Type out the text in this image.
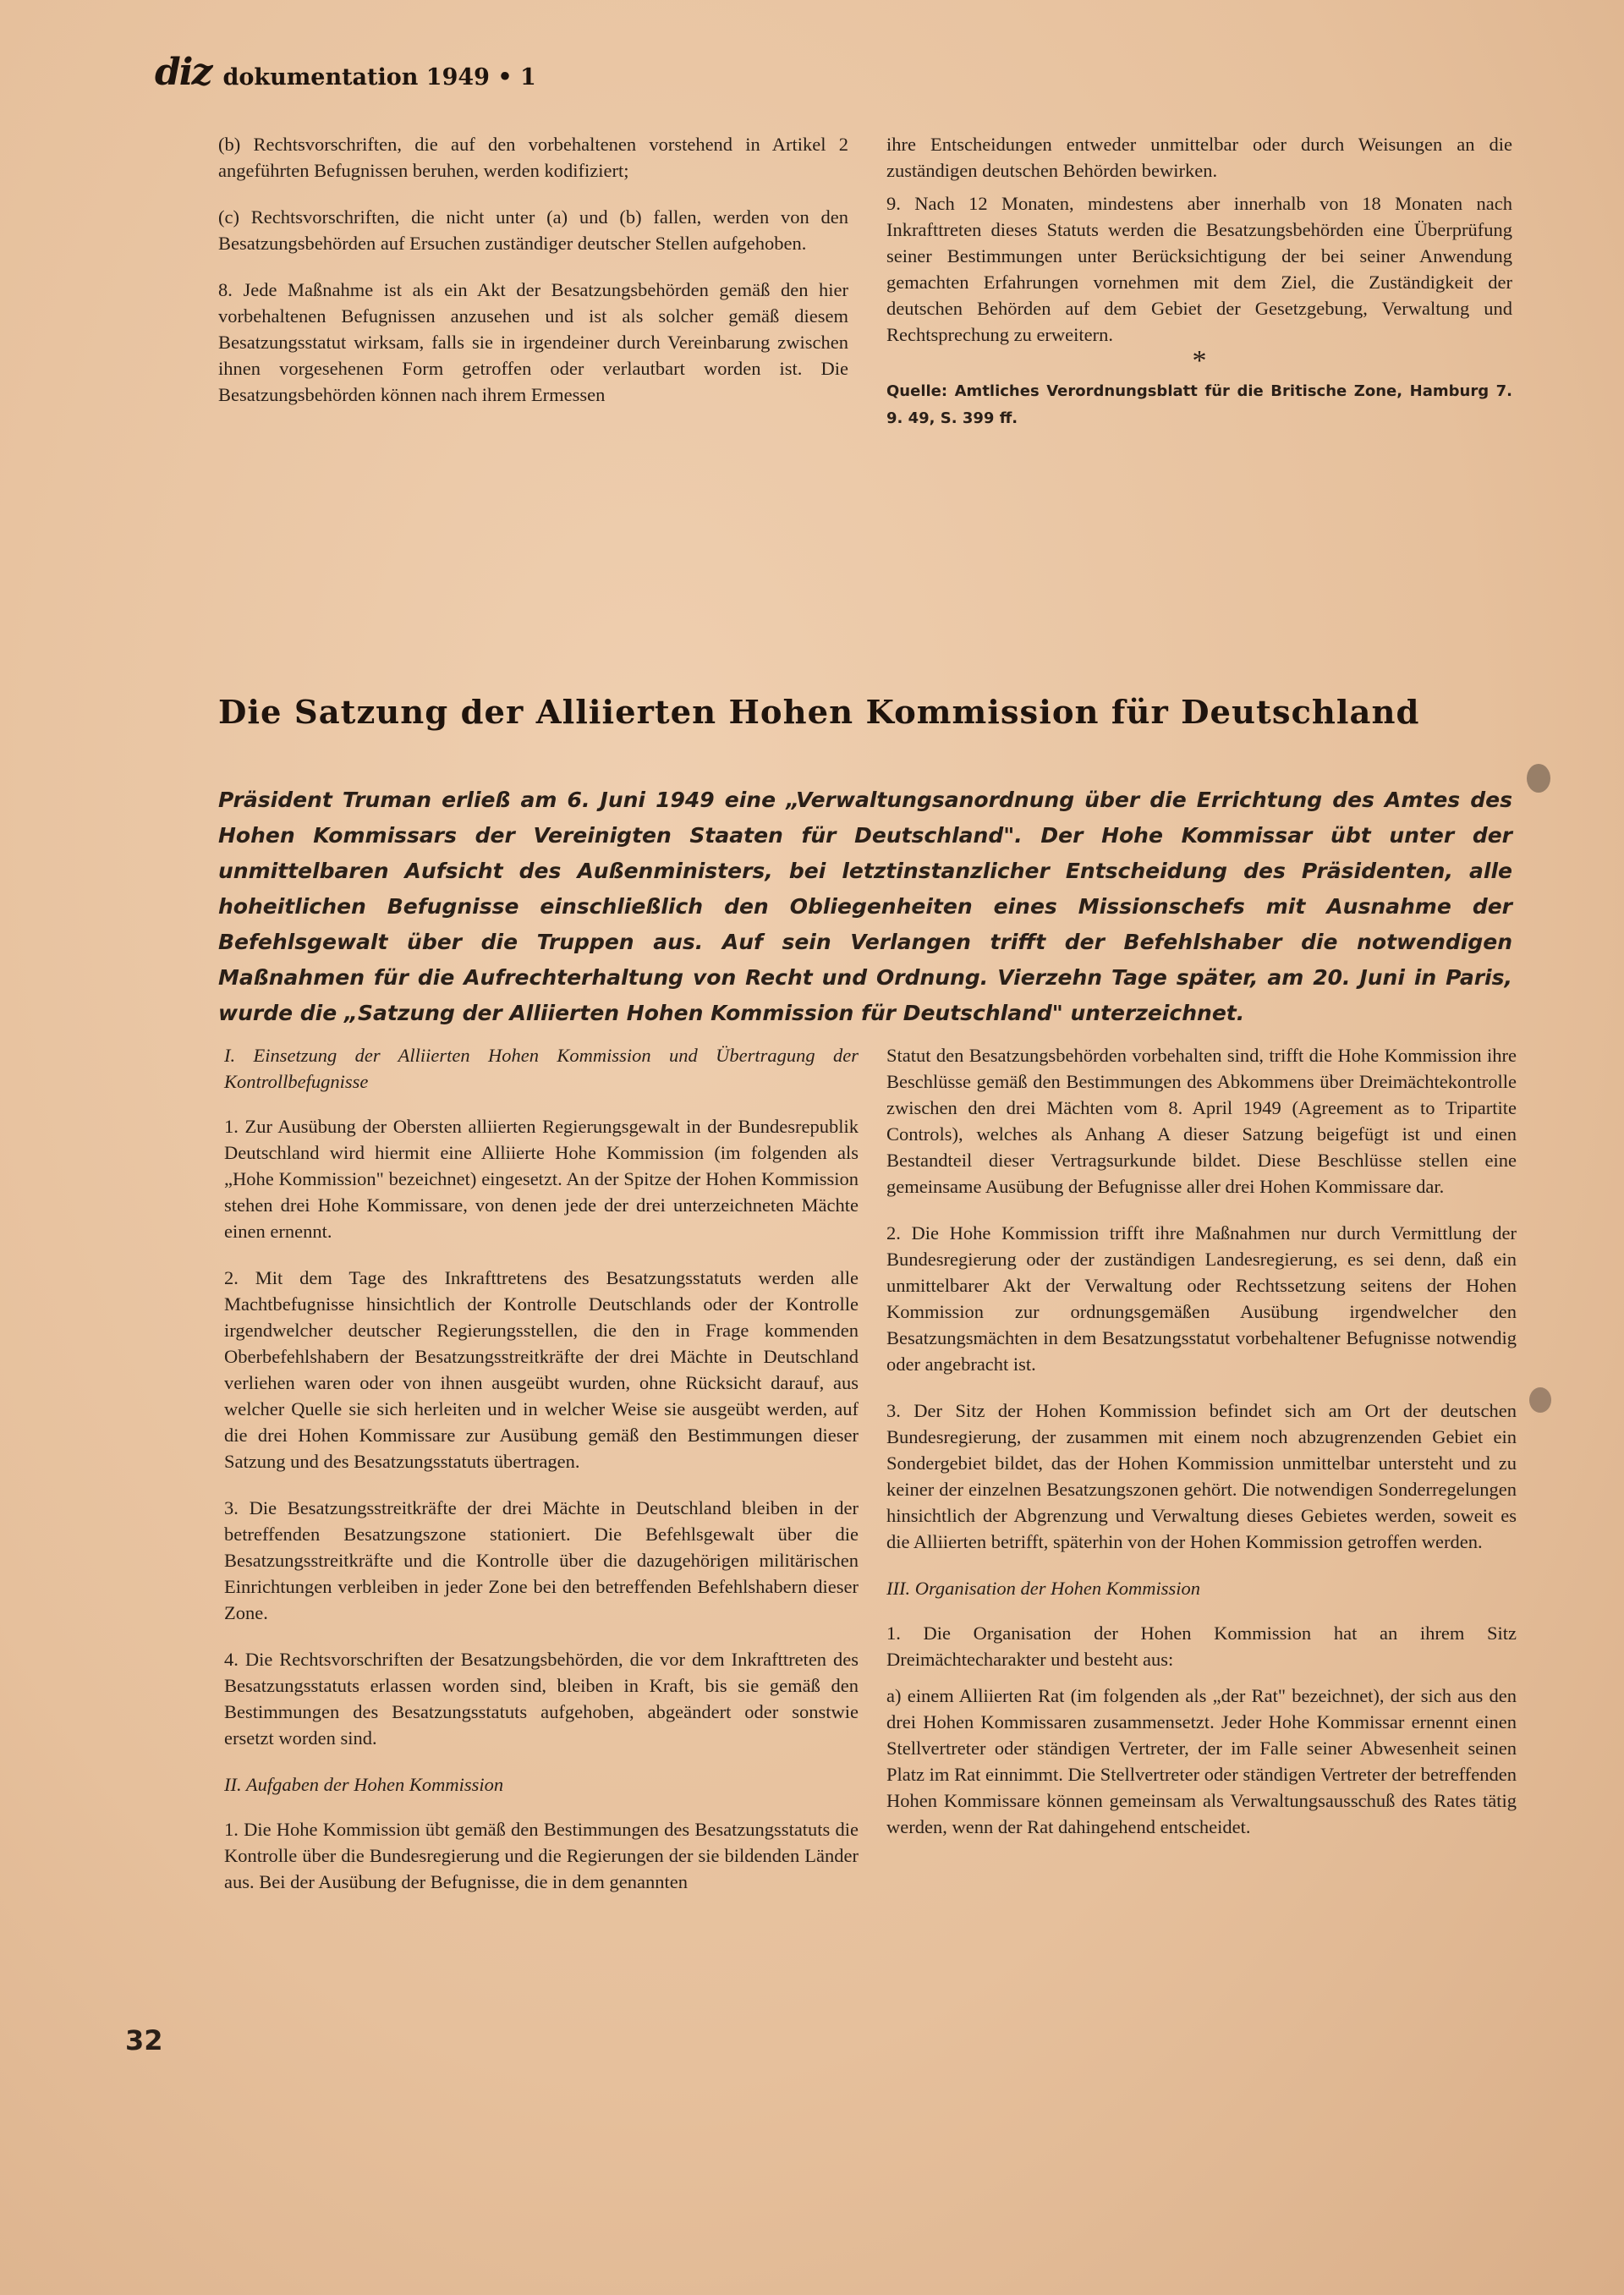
diz dokumentation 1949 • 1

(b) Rechtsvorschriften, die auf den vorbehaltenen vorstehend in Artikel 2 angeführten Befugnissen beruhen, werden kodifiziert;

(c) Rechtsvorschriften, die nicht unter (a) und (b) fallen, werden von den Besatzungsbehörden auf Ersuchen zuständiger deutscher Stellen aufgehoben.

8. Jede Maßnahme ist als ein Akt der Besatzungsbehörden gemäß den hier vorbehaltenen Befugnissen anzusehen und ist als solcher gemäß diesem Besatzungsstatut wirksam, falls sie in irgendeiner durch Vereinbarung zwischen ihnen vorgesehenen Form getroffen oder verlautbart worden ist. Die Besatzungsbehörden können nach ihrem Ermessen

ihre Entscheidungen entweder unmittelbar oder durch Weisungen an die zuständigen deutschen Behörden bewirken.

9. Nach 12 Monaten, mindestens aber innerhalb von 18 Monaten nach Inkrafttreten dieses Statuts werden die Besatzungsbehörden eine Überprüfung seiner Bestimmungen unter Berücksichtigung der bei seiner Anwendung gemachten Erfahrungen vornehmen mit dem Ziel, die Zuständigkeit der deutschen Behörden auf dem Gebiet der Gesetzgebung, Verwaltung und Rechtsprechung zu erweitern.

*

Quelle: Amtliches Verordnungsblatt für die Britische Zone, Hamburg 7. 9. 49, S. 399 ff.

Die Satzung der Alliierten Hohen Kommission für Deutschland
Präsident Truman erließ am 6. Juni 1949 eine „Verwaltungsanordnung über die Errichtung des Amtes des Hohen Kommissars der Vereinigten Staaten für Deutschland". Der Hohe Kommissar übt unter der unmittelbaren Aufsicht des Außenministers, bei letztinstanzlicher Entscheidung des Präsidenten, alle hoheitlichen Befugnisse einschließlich den Obliegenheiten eines Missionschefs mit Ausnahme der Befehlsgewalt über die Truppen aus. Auf sein Verlangen trifft der Befehlshaber die notwendigen Maßnahmen für die Aufrechterhaltung von Recht und Ordnung. Vierzehn Tage später, am 20. Juni in Paris, wurde die „Satzung der Alliierten Hohen Kommission für Deutschland" unterzeichnet.

I. Einsetzung der Alliierten Hohen Kommission und Übertragung der Kontrollbefugnisse

1. Zur Ausübung der Obersten alliierten Regierungsgewalt in der Bundesrepublik Deutschland wird hiermit eine Alliierte Hohe Kommission (im folgenden als „Hohe Kommission" bezeichnet) eingesetzt. An der Spitze der Hohen Kommission stehen drei Hohe Kommissare, von denen jede der drei unterzeichneten Mächte einen ernennt.

2. Mit dem Tage des Inkrafttretens des Besatzungsstatuts werden alle Machtbefugnisse hinsichtlich der Kontrolle Deutschlands oder der Kontrolle irgendwelcher deutscher Regierungsstellen, die den in Frage kommenden Oberbefehlshabern der Besatzungsstreitkräfte der drei Mächte in Deutschland verliehen waren oder von ihnen ausgeübt wurden, ohne Rücksicht darauf, aus welcher Quelle sie sich herleiten und in welcher Weise sie ausgeübt werden, auf die drei Hohen Kommissare zur Ausübung gemäß den Bestimmungen dieser Satzung und des Besatzungsstatuts übertragen.

3. Die Besatzungsstreitkräfte der drei Mächte in Deutschland bleiben in der betreffenden Besatzungszone stationiert. Die Befehlsgewalt über die Besatzungsstreitkräfte und die Kontrolle über die dazugehörigen militärischen Einrichtungen verbleiben in jeder Zone bei den betreffenden Befehlshabern dieser Zone.

4. Die Rechtsvorschriften der Besatzungsbehörden, die vor dem Inkrafttreten des Besatzungsstatuts erlassen worden sind, bleiben in Kraft, bis sie gemäß den Bestimmungen des Besatzungsstatuts aufgehoben, abgeändert oder sonstwie ersetzt worden sind.

II. Aufgaben der Hohen Kommission

1. Die Hohe Kommission übt gemäß den Bestimmungen des Besatzungsstatuts die Kontrolle über die Bundesregierung und die Regierungen der sie bildenden Länder aus. Bei der Ausübung der Befugnisse, die in dem genannten

Statut den Besatzungsbehörden vorbehalten sind, trifft die Hohe Kommission ihre Beschlüsse gemäß den Bestimmungen des Abkommens über Dreimächtekontrolle zwischen den drei Mächten vom 8. April 1949 (Agreement as to Tripartite Controls), welches als Anhang A dieser Satzung beigefügt ist und einen Bestandteil dieser Vertragsurkunde bildet. Diese Beschlüsse stellen eine gemeinsame Ausübung der Befugnisse aller drei Hohen Kommissare dar.

2. Die Hohe Kommission trifft ihre Maßnahmen nur durch Vermittlung der Bundesregierung oder der zuständigen Landesregierung, es sei denn, daß ein unmittelbarer Akt der Verwaltung oder Rechtssetzung seitens der Hohen Kommission zur ordnungsgemäßen Ausübung irgendwelcher den Besatzungsmächten in dem Besatzungsstatut vorbehaltener Befugnisse notwendig oder angebracht ist.

3. Der Sitz der Hohen Kommission befindet sich am Ort der deutschen Bundesregierung, der zusammen mit einem noch abzugrenzenden Gebiet ein Sondergebiet bildet, das der Hohen Kommission unmittelbar untersteht und zu keiner der einzelnen Besatzungszonen gehört. Die notwendigen Sonderregelungen hinsichtlich der Abgrenzung und Verwaltung dieses Gebietes werden, soweit es die Alliierten betrifft, späterhin von der Hohen Kommission getroffen werden.

III. Organisation der Hohen Kommission

1. Die Organisation der Hohen Kommission hat an ihrem Sitz Dreimächtecharakter und besteht aus:

a) einem Alliierten Rat (im folgenden als „der Rat" bezeichnet), der sich aus den drei Hohen Kommissaren zusammensetzt. Jeder Hohe Kommissar ernennt einen Stellvertreter oder ständigen Vertreter, der im Falle seiner Abwesenheit seinen Platz im Rat einnimmt. Die Stellvertreter oder ständigen Vertreter der betreffenden Hohen Kommissare können gemeinsam als Verwaltungsausschuß des Rates tätig werden, wenn der Rat dahingehend entscheidet.

32
